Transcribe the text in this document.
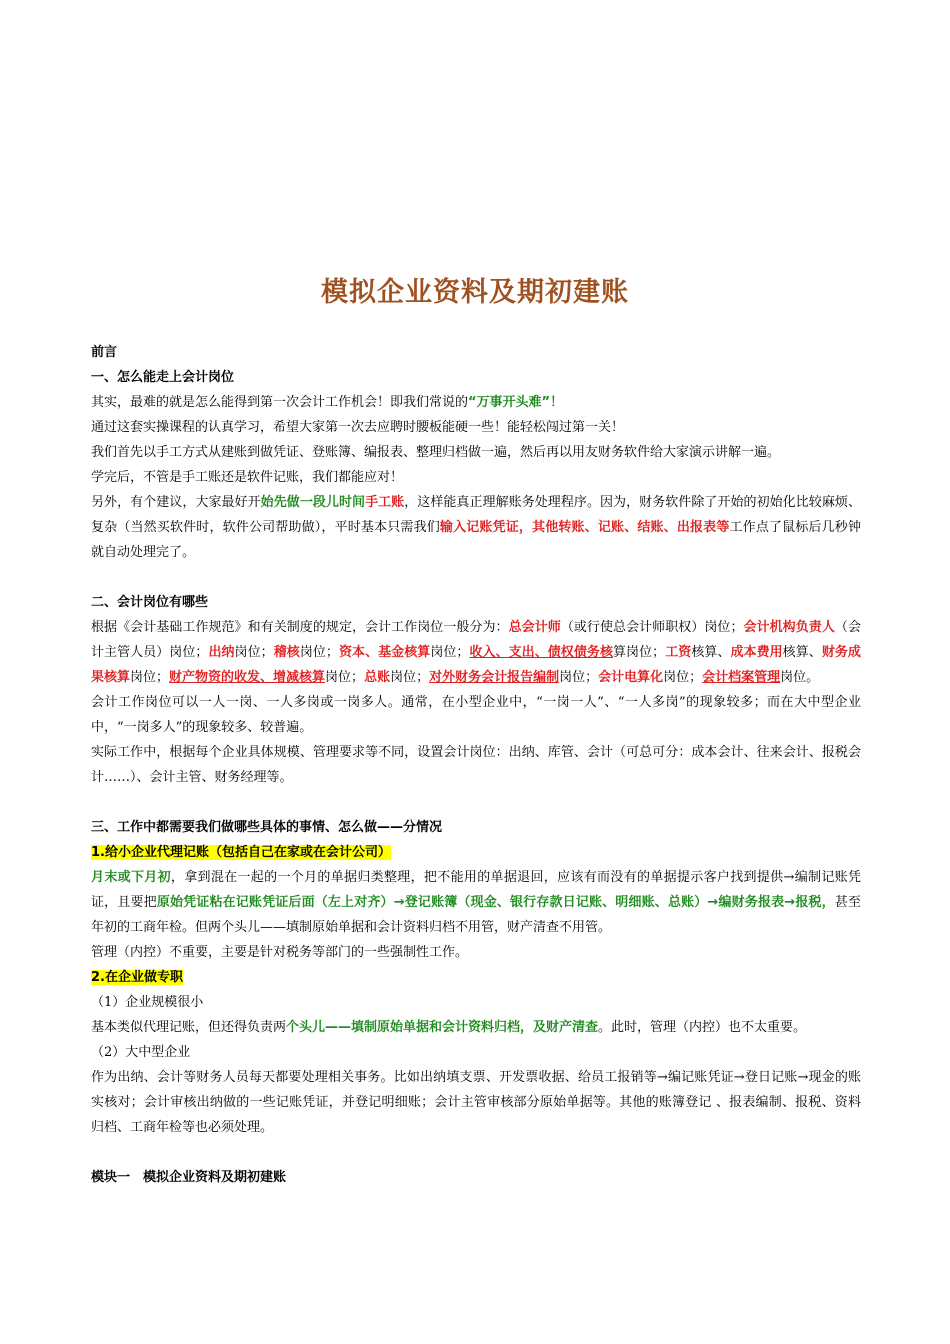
模拟企业资料及期初建账

前言

一、怎么能走上会计岗位

其实，最难的就是怎么能得到第一次会计工作机会！即我们常说的“万事开头难”！

通过这套实操课程的认真学习，希望大家第一次去应聘时腰板能硬一些！能轻松闯过第一关！

我们首先以手工方式从建账到做凭证、登账簿、编报表、整理归档做一遍，然后再以用友财务软件给大家演示讲解一遍。

学完后，不管是手工账还是软件记账，我们都能应对！

另外，有个建议，大家最好开始先做一段儿时间手工账，这样能真正理解账务处理程序。因为，财务软件除了开始的初始化比较麻烦、复杂（当然买软件时，软件公司帮助做），平时基本只需我们输入记账凭证，其他转账、记账、结账、出报表等工作点了鼠标后几秒钟就自动处理完了。

二、会计岗位有哪些

根据《会计基础工作规范》和有关制度的规定，会计工作岗位一般分为：总会计师（或行使总会计师职权）岗位；会计机构负责人（会计主管人员）岗位；出纳岗位；稽核岗位；资本、基金核算岗位；收入、支出、债权债务核算岗位；工资核算、成本费用核算、财务成果核算岗位；财产物资的收发、增减核算岗位；总账岗位；对外财务会计报告编制岗位；会计电算化岗位；会计档案管理岗位。

会计工作岗位可以一人一岗、一人多岗或一岗多人。通常，在小型企业中，“一岗一人”、“一人多岗”的现象较多；而在大中型企业中，“一岗多人”的现象较多、较普遍。

实际工作中，根据每个企业具体规模、管理要求等不同，设置会计岗位：出纳、库管、会计（可总可分：成本会计、往来会计、报税会计……）、会计主管、财务经理等。

三、工作中都需要我们做哪些具体的事情、怎么做——分情况

1.给小企业代理记账（包括自己在家或在会计公司）

月末或下月初，拿到混在一起的一个月的单据归类整理，把不能用的单据退回，应该有而没有的单据提示客户找到提供→编制记账凭证，且要把原始凭证粘在记账凭证后面（左上对齐）→登记账簿（现金、银行存款日记账、明细账、总账）→编财务报表→报税，甚至年初的工商年检。但两个头儿——填制原始单据和会计资料归档不用管，财产清查不用管。

管理（内控）不重要，主要是针对税务等部门的一些强制性工作。

2.在企业做专职

（1）企业规模很小

基本类似代理记账，但还得负责两个头儿——填制原始单据和会计资料归档，及财产清查。此时，管理（内控）也不太重要。

（2）大中型企业

作为出纳、会计等财务人员每天都要处理相关事务。比如出纳填支票、开发票收据、给员工报销等→编记账凭证→登日记账→现金的账实核对；会计审核出纳做的一些记账凭证，并登记明细账；会计主管审核部分原始单据等。其他的账簿登记 、报表编制、报税、资料归档、工商年检等也必须处理。

模块一　模拟企业资料及期初建账
